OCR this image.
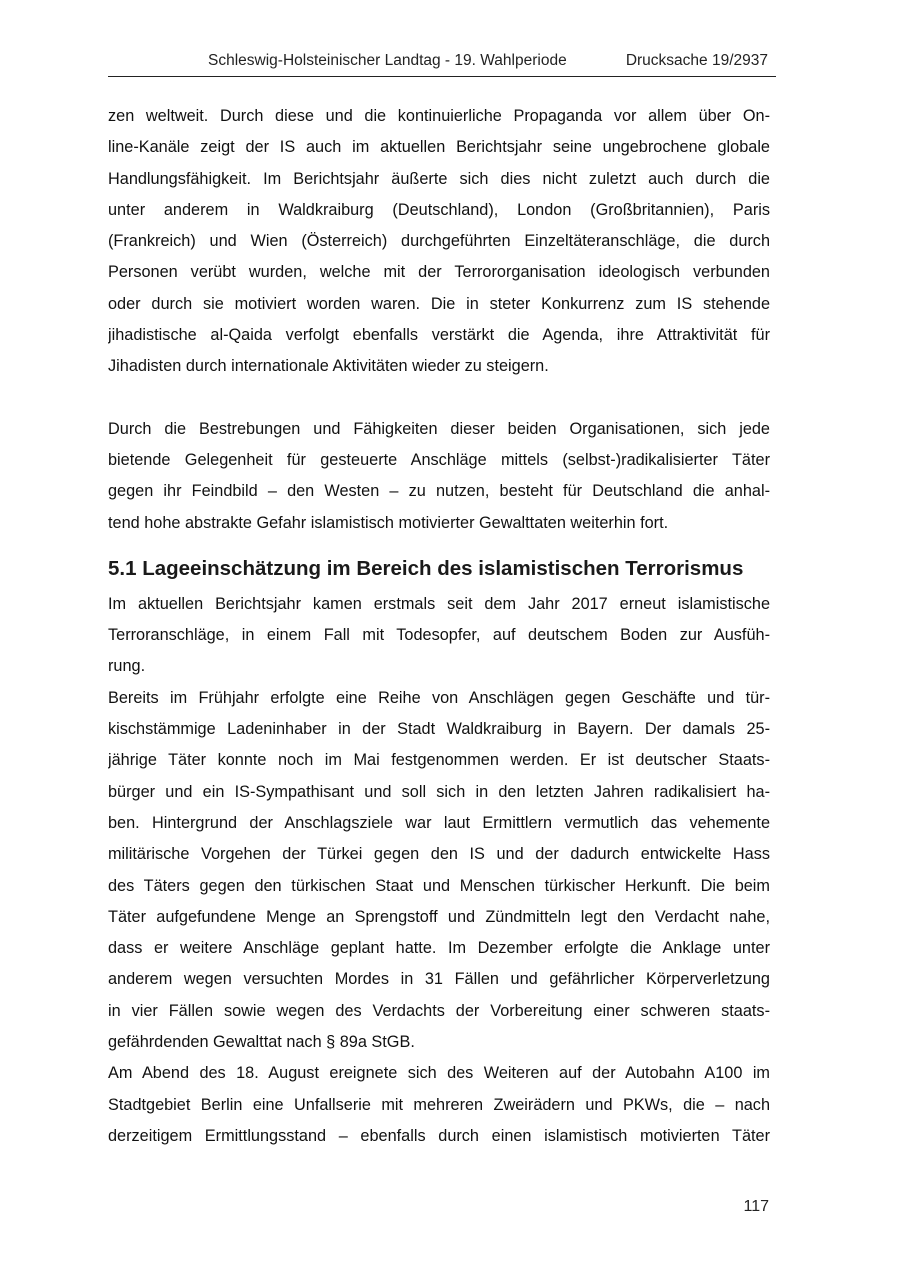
Schleswig-Holsteinischer Landtag - 19. Wahlperiode	Drucksache 19/2937

zen weltweit. Durch diese und die kontinuierliche Propaganda vor allem über On-
line-Kanäle zeigt der IS auch im aktuellen Berichtsjahr seine ungebrochene globale
Handlungsfähigkeit. Im Berichtsjahr äußerte sich dies nicht zuletzt auch durch die
unter anderem in Waldkraiburg (Deutschland), London (Großbritannien), Paris
(Frankreich) und Wien (Österreich) durchgeführten Einzeltäteranschläge, die durch
Personen verübt wurden, welche mit der Terrororganisation ideologisch verbunden
oder durch sie motiviert worden waren. Die in steter Konkurrenz zum IS stehende
jihadistische al-Qaida verfolgt ebenfalls verstärkt die Agenda, ihre Attraktivität für
Jihadisten durch internationale Aktivitäten wieder zu steigern.

Durch die Bestrebungen und Fähigkeiten dieser beiden Organisationen, sich jede
bietende Gelegenheit für gesteuerte Anschläge mittels (selbst-)radikalisierter Täter
gegen ihr Feindbild – den Westen – zu nutzen, besteht für Deutschland die anhal-
tend hohe abstrakte Gefahr islamistisch motivierter Gewalttaten weiterhin fort.

5.1 Lageeinschätzung im Bereich des islamistischen Terrorismus

Im aktuellen Berichtsjahr kamen erstmals seit dem Jahr 2017 erneut islamistische
Terroranschläge, in einem Fall mit Todesopfer, auf deutschem Boden zur Ausfüh-
rung.

Bereits im Frühjahr erfolgte eine Reihe von Anschlägen gegen Geschäfte und tür-
kischstämmige Ladeninhaber in der Stadt Waldkraiburg in Bayern. Der damals 25-
jährige Täter konnte noch im Mai festgenommen werden. Er ist deutscher Staats-
bürger und ein IS-Sympathisant und soll sich in den letzten Jahren radikalisiert ha-
ben. Hintergrund der Anschlagsziele war laut Ermittlern vermutlich das vehemente
militärische Vorgehen der Türkei gegen den IS und der dadurch entwickelte Hass
des Täters gegen den türkischen Staat und Menschen türkischer Herkunft. Die beim
Täter aufgefundene Menge an Sprengstoff und Zündmitteln legt den Verdacht nahe,
dass er weitere Anschläge geplant hatte. Im Dezember erfolgte die Anklage unter
anderem wegen versuchten Mordes in 31 Fällen und gefährlicher Körperverletzung
in vier Fällen sowie wegen des Verdachts der Vorbereitung einer schweren staats-
gefährdenden Gewalttat nach § 89a StGB.

Am Abend des 18. August ereignete sich des Weiteren auf der Autobahn A100 im
Stadtgebiet Berlin eine Unfallserie mit mehreren Zweirädern und PKWs, die – nach
derzeitigem Ermittlungsstand – ebenfalls durch einen islamistisch motivierten Täter

117
